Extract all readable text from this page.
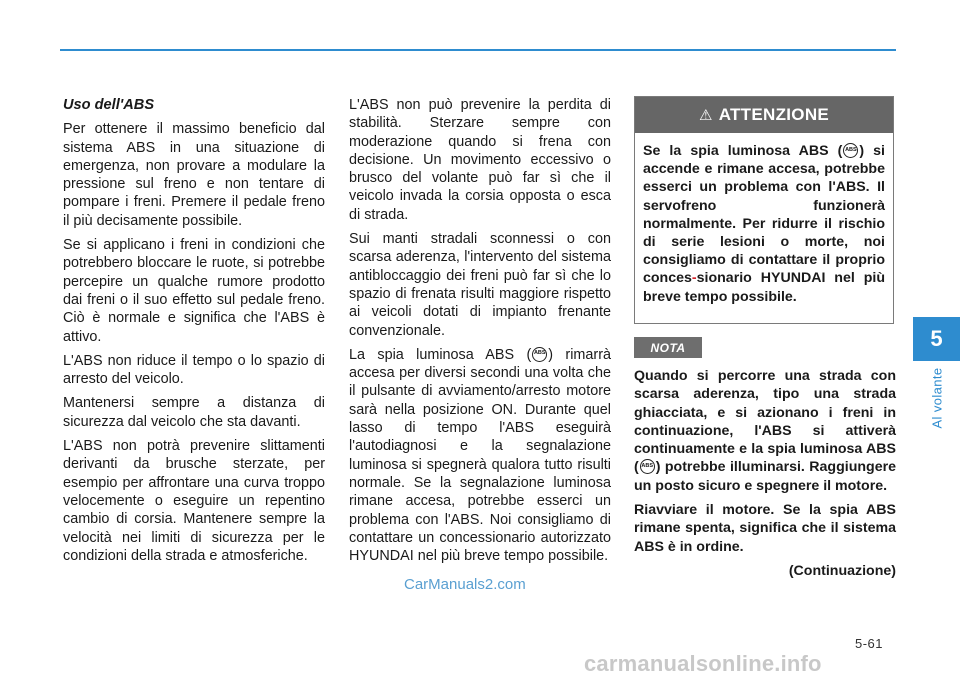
Uso dell'ABS

Per ottenere il massimo beneficio dal sistema ABS in una situazione di emergenza, non provare a modulare la pressione sul freno e non tentare di pompare i freni. Premere il pedale freno il più decisamente possibile.

Se si applicano i freni in condizioni che potrebbero bloccare le ruote, si potrebbe percepire un qualche rumore prodotto dai freni o il suo effetto sul pedale freno. Ciò è normale e significa che l'ABS è attivo.

L'ABS non riduce il tempo o lo spazio di arresto del veicolo.

Mantenersi sempre a distanza di sicurezza dal veicolo che sta davanti.

L'ABS non potrà prevenire slittamenti derivanti da brusche sterzate, per esempio per affrontare una curva troppo velocemente o eseguire un repentino cambio di corsia. Mantenere sempre la velocità nei limiti di sicurezza per le condizioni della strada e atmosferiche.

L'ABS non può prevenire la perdita di stabilità. Sterzare sempre con moderazione quando si frena con decisione. Un movimento eccessivo o brusco del volante può far sì che il veicolo invada la corsia opposta o esca di strada.

Sui manti stradali sconnessi o con scarsa aderenza, l'intervento del sistema antibloccaggio dei freni può far sì che lo spazio di frenata risulti maggiore rispetto ai veicoli dotati di impianto frenante convenzionale.

La spia luminosa ABS ( ABS ) rimarrà accesa per diversi secondi una volta che il pulsante di avviamento/arresto motore sarà nella posizione ON. Durante quel lasso di tempo l'ABS eseguirà l'autodiagnosi e la segnalazione luminosa si spegnerà qualora tutto risulti normale. Se la segnalazione luminosa rimane accesa, potrebbe esserci un problema con l'ABS. Noi consigliamo di contattare un concessionario autorizzato HYUNDAI nel più breve tempo possibile.

⚠ ATTENZIONE
Se la spia luminosa ABS ( ABS ) si accende e rimane accesa, potrebbe esserci un problema con l'ABS. Il servofreno funzionerà normalmente. Per ridurre il rischio di serie lesioni o morte, noi consigliamo di contattare il proprio conces-sionario HYUNDAI nel più breve tempo possibile.
NOTA

Quando si percorre una strada con scarsa aderenza, tipo una strada ghiacciata, e si azionano i freni in continuazione, l'ABS si attiverà continuamente e la spia luminosa ABS ( ABS ) potrebbe illuminarsi. Raggiungere un posto sicuro e spegnere il motore.

Riavviare il motore. Se la spia ABS rimane spenta, significa che il sistema ABS è in ordine.

(Continuazione)

5
Al volante
5-61
CarManuals2.com
carmanualsonline.info
